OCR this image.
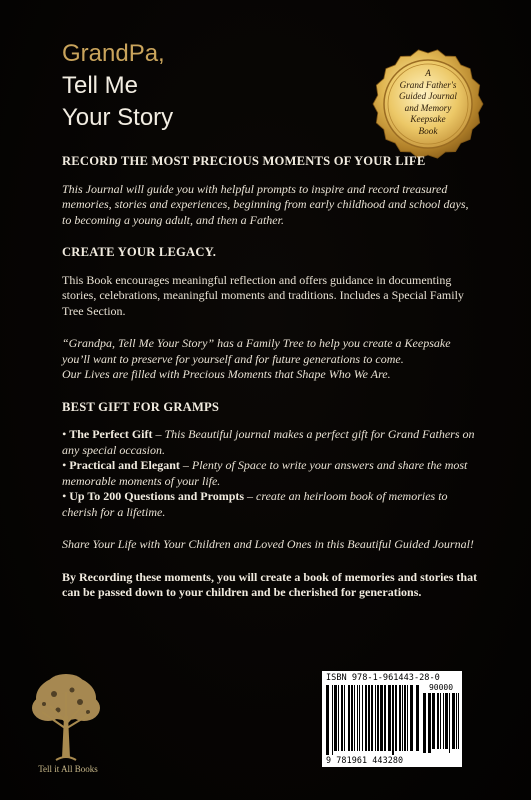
GrandPa,
Tell Me
Your Story
A
Grand Father's
Guided Journal
and Memory
Keepsake
Book
RECORD THE MOST PRECIOUS MOMENTS OF YOUR LIFE

This Journal will guide you with helpful prompts to inspire and record treasured memories, stories and experiences, beginning from early childhood and school days, to becoming a young adult, and then a Father.

CREATE YOUR LEGACY.

This Book encourages meaningful reflection and offers guidance in documenting stories, celebrations, meaningful moments and traditions. Includes a Special Family Tree Section.

“Grandpa, Tell Me Your Story” has a Family Tree to help you create a Keepsake you’ll want to preserve for yourself and for future generations to come.

Our Lives are filled with Precious Moments that Shape Who We Are.

BEST GIFT FOR GRAMPS

• The Perfect Gift – This Beautiful journal makes a perfect gift for Grand Fathers on any special occasion.

• Practical and Elegant – Plenty of Space to write your answers and share the most memorable moments of your life.

• Up To 200 Questions and Prompts – create an heirloom book of memories to cherish for a lifetime.

Share Your Life with Your Children and Loved Ones in this Beautiful Guided Journal!

By Recording these moments, you will create a book of memories and stories that can be passed down to your children and be cherished for generations.

Tell it All Books
ISBN 978-1-961443-28-0
90000
9 781961 443280
